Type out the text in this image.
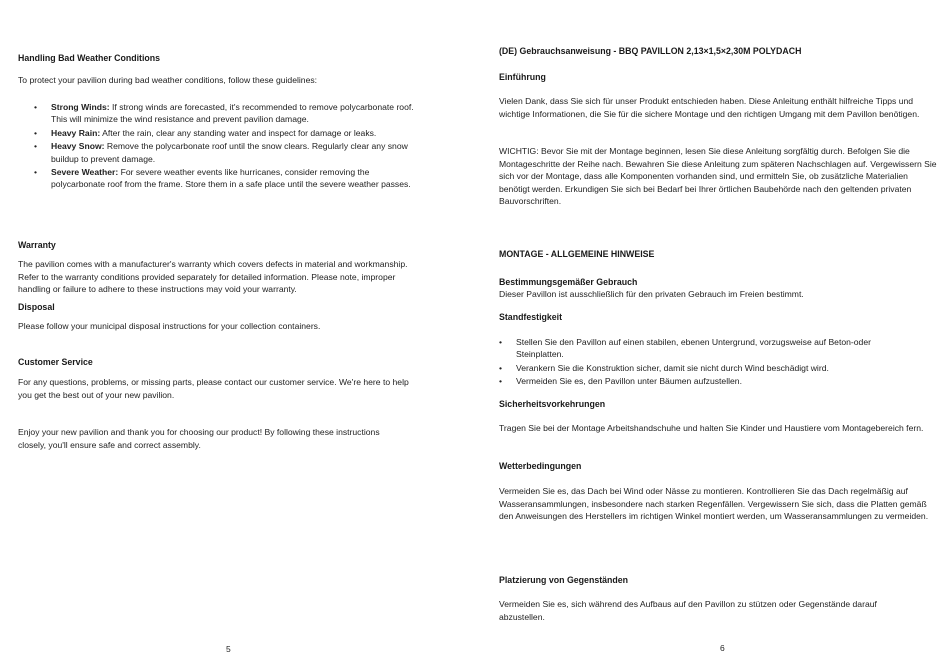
Handling Bad Weather Conditions

To protect your pavilion during bad weather conditions, follow these guidelines:

• Strong Winds: If strong winds are forecasted, it's recommended to remove polycarbonate roof. This will minimize the wind resistance and prevent pavilion damage.
• Heavy Rain: After the rain, clear any standing water and inspect for damage or leaks.
• Heavy Snow: Remove the polycarbonate roof until the snow clears. Regularly clear any snow buildup to prevent damage.
• Severe Weather: For severe weather events like hurricanes, consider removing the polycarbonate roof from the frame. Store them in a safe place until the severe weather passes.

Warranty

The pavilion comes with a manufacturer's warranty which covers defects in material and workmanship. Refer to the warranty conditions provided separately for detailed information. Please note, improper handling or failure to adhere to these instructions may void your warranty.

Disposal

Please follow your municipal disposal instructions for your collection containers.

Customer Service

For any questions, problems, or missing parts, please contact our customer service. We're here to help you get the best out of your new pavilion.

Enjoy your new pavilion and thank you for choosing our product! By following these instructions closely, you'll ensure safe and correct assembly.

5

(DE) Gebrauchsanweisung - BBQ PAVILLON 2,13×1,5×2,30M POLYDACH

Einführung

Vielen Dank, dass Sie sich für unser Produkt entschieden haben. Diese Anleitung enthält hilfreiche Tipps und wichtige Informationen, die Sie für die sichere Montage und den richtigen Umgang mit dem Pavillon benötigen.

WICHTIG: Bevor Sie mit der Montage beginnen, lesen Sie diese Anleitung sorgfältig durch. Befolgen Sie die Montageschritte der Reihe nach. Bewahren Sie diese Anleitung zum späteren Nachschlagen auf. Vergewissern Sie sich vor der Montage, dass alle Komponenten vorhanden sind, und ermitteln Sie, ob zusätzliche Materialien benötigt werden. Erkundigen Sie sich bei Bedarf bei Ihrer örtlichen Baubehörde nach den geltenden privaten Bauvorschriften.

MONTAGE - ALLGEMEINE HINWEISE

Bestimmungsgemäßer Gebrauch

Dieser Pavillon ist ausschließlich für den privaten Gebrauch im Freien bestimmt.

Standfestigkeit

• Stellen Sie den Pavillon auf einen stabilen, ebenen Untergrund, vorzugsweise auf Beton-oder Steinplatten.
• Verankern Sie die Konstruktion sicher, damit sie nicht durch Wind beschädigt wird.
• Vermeiden Sie es, den Pavillon unter Bäumen aufzustellen.

Sicherheitsvorkehrungen

Tragen Sie bei der Montage Arbeitshandschuhe und halten Sie Kinder und Haustiere vom Montagebereich fern.

Wetterbedingungen

Vermeiden Sie es, das Dach bei Wind oder Nässe zu montieren. Kontrollieren Sie das Dach regelmäßig auf Wasseransammlungen, insbesondere nach starken Regenfällen. Vergewissern Sie sich, dass die Platten gemäß den Anweisungen des Herstellers im richtigen Winkel montiert werden, um Wasseransammlungen zu vermeiden.

Platzierung von Gegenständen

Vermeiden Sie es, sich während des Aufbaus auf den Pavillon zu stützen oder Gegenstände darauf abzustellen.

6
